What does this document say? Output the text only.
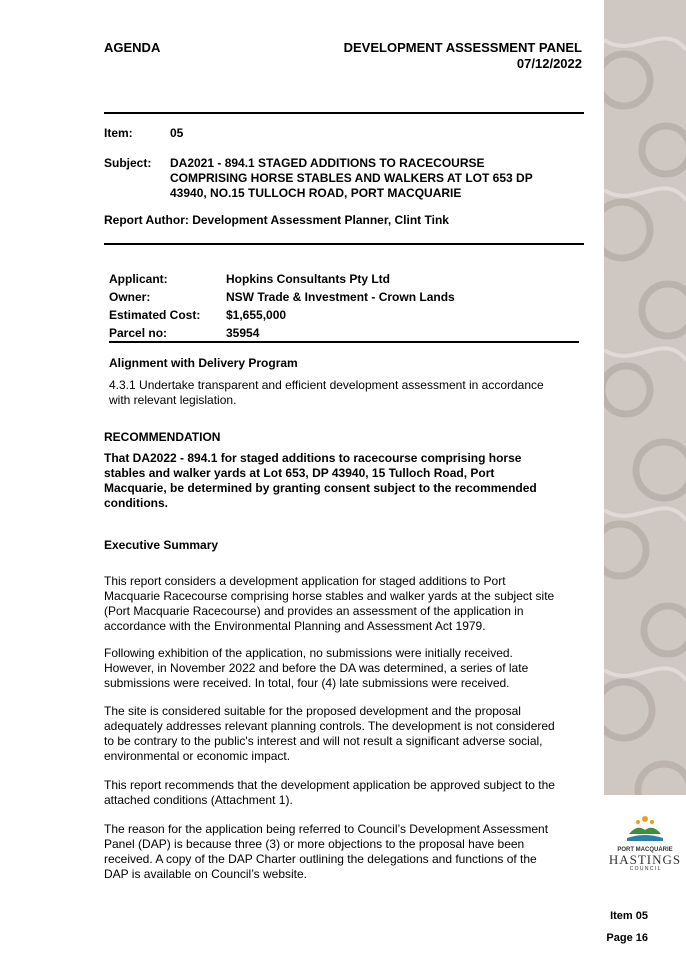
PORT MACQUARIE
HASTINGS
C O U N C I L
AGENDA	DEVELOPMENT ASSESSMENT PANEL
07/12/2022
Item:	05
Subject: DA2021 - 894.1 STAGED ADDITIONS TO RACECOURSE
COMPRISING HORSE STABLES AND WALKERS AT LOT 653 DP
43940, NO.15 TULLOCH ROAD, PORT MACQUARIE
Report Author: Development Assessment Planner, Clint Tink
Applicant:	Hopkins Consultants Pty Ltd
Owner:	NSW Trade & Investment - Crown Lands
Estimated Cost:	$1,655,000
Parcel no:	35954
Alignment with Delivery Program
4.3.1 Undertake transparent and efficient development assessment in accordance
with relevant legislation.
RECOMMENDATION
That DA2022 - 894.1 for staged additions to racecourse comprising horse
stables and walker yards at Lot 653, DP 43940, 15 Tulloch Road, Port
Macquarie, be determined by granting consent subject to the recommended
conditions.
Executive Summary
This report considers a development application for staged additions to Port
Macquarie Racecourse comprising horse stables and walker yards at the subject site
(Port Macquarie Racecourse) and provides an assessment of the application in
accordance with the Environmental Planning and Assessment Act 1979.
Following exhibition of the application, no submissions were initially received.
However, in November 2022 and before the DA was determined, a series of late
submissions were received. In total, four (4) late submissions were received.
The site is considered suitable for the proposed development and the proposal
adequately addresses relevant planning controls. The development is not considered
to be contrary to the public's interest and will not result a significant adverse social,
environmental or economic impact.
This report recommends that the development application be approved subject to the
attached conditions (Attachment 1).
The reason for the application being referred to Council’s Development Assessment
Panel (DAP) is because three (3) or more objections to the proposal have been
received. A copy of the DAP Charter outlining the delegations and functions of the
DAP is available on Council’s website.
Item 05
Page 16
